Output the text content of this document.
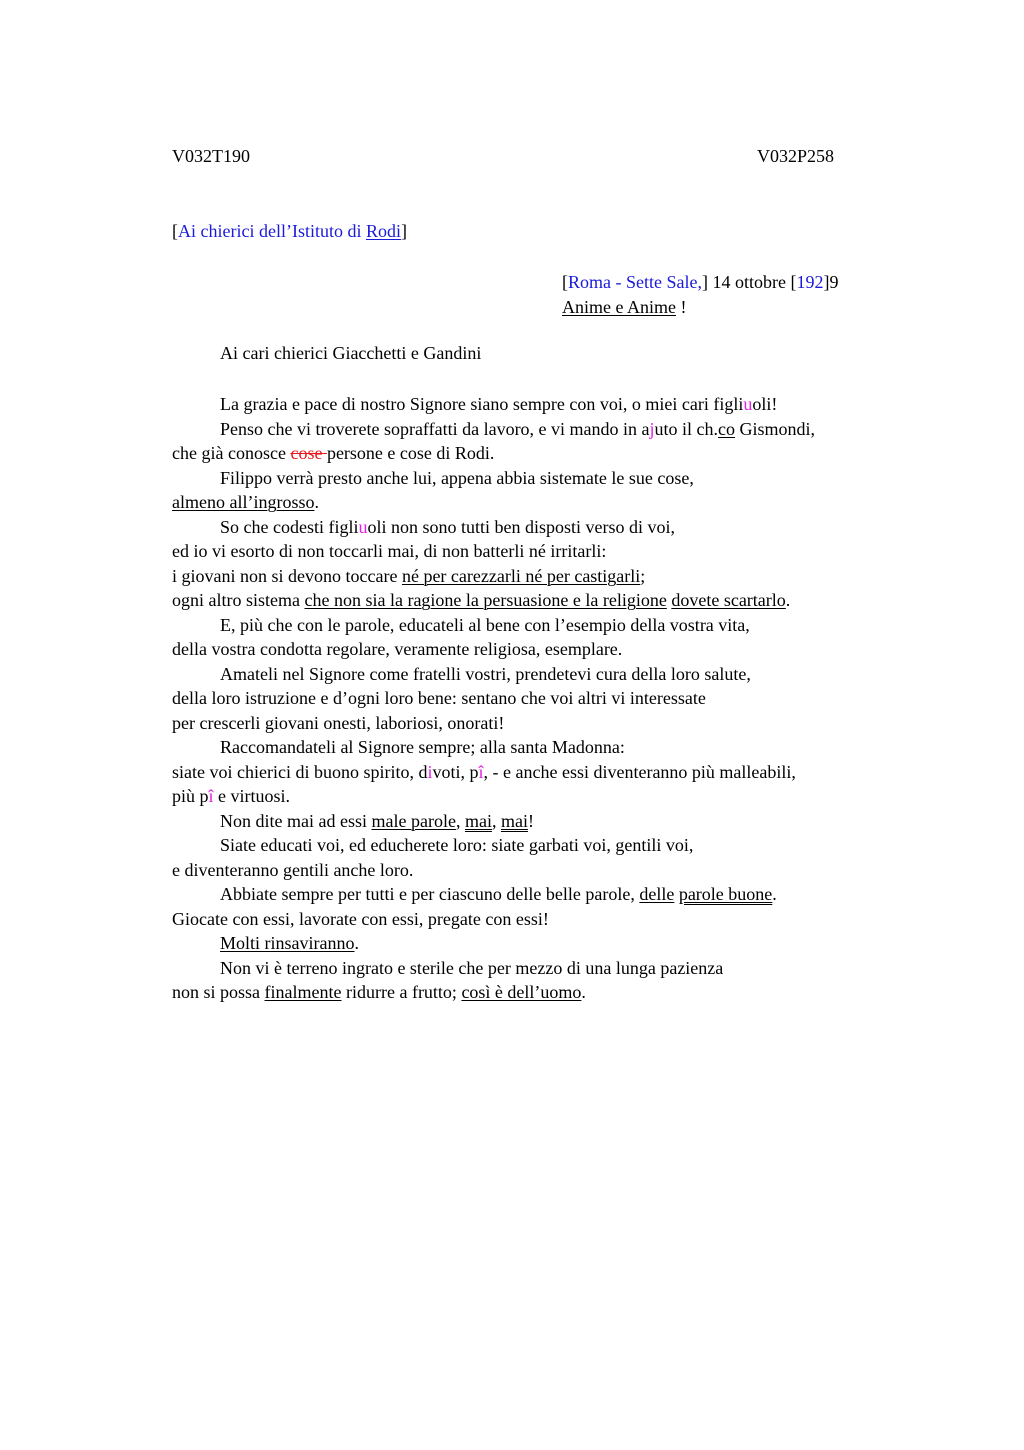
V032T190	V032P258
[Ai chierici dell’Istituto di Rodi]
[Roma - Sette Sale,] 14 ottobre [192]9
Anime e Anime !
Ai cari chierici Giacchetti e Gandini
La grazia e pace di nostro Signore siano sempre con voi, o miei cari figliuoli!
Penso che vi troverete sopraffatti da lavoro, e vi mando in ajuto il ch.co Gismondi,
che già conosce cose persone e cose di Rodi.
Filippo verrà presto anche lui, appena abbia sistemate le sue cose,
almeno all’ingrosso.
So che codesti figliuoli non sono tutti ben disposti verso di voi,
ed io vi esorto di non toccarli mai, di non batterli né irritarli:
i giovani non si devono toccare né per carezzarli né per castigarli;
ogni altro sistema che non sia la ragione la persuasione e la religione dovete scartarlo.
E, più che con le parole, educateli al bene con l’esempio della vostra vita,
della vostra condotta regolare, veramente religiosa, esemplare.
Amateli nel Signore come fratelli vostri, prendetevi cura della loro salute,
della loro istruzione e d’ogni loro bene: sentano che voi altri vi interessate
per crescerli giovani onesti, laboriosi, onorati!
Raccomandateli al Signore sempre; alla santa Madonna:
siate voi chierici di buono spirito, divoti, pî, - e anche essi diventeranno più malleabili,
più pî e virtuosi.
Non dite mai ad essi male parole, mai, mai!
Siate educati voi, ed educherete loro: siate garbati voi, gentili voi,
e diventeranno gentili anche loro.
Abbiate sempre per tutti e per ciascuno delle belle parole, delle parole buone.
Giocate con essi, lavorate con essi, pregate con essi!
Molti rinsaviranno.
Non vi è terreno ingrato e sterile che per mezzo di una lunga pazienza
non si possa finalmente ridurre a frutto; così è dell’uomo.
